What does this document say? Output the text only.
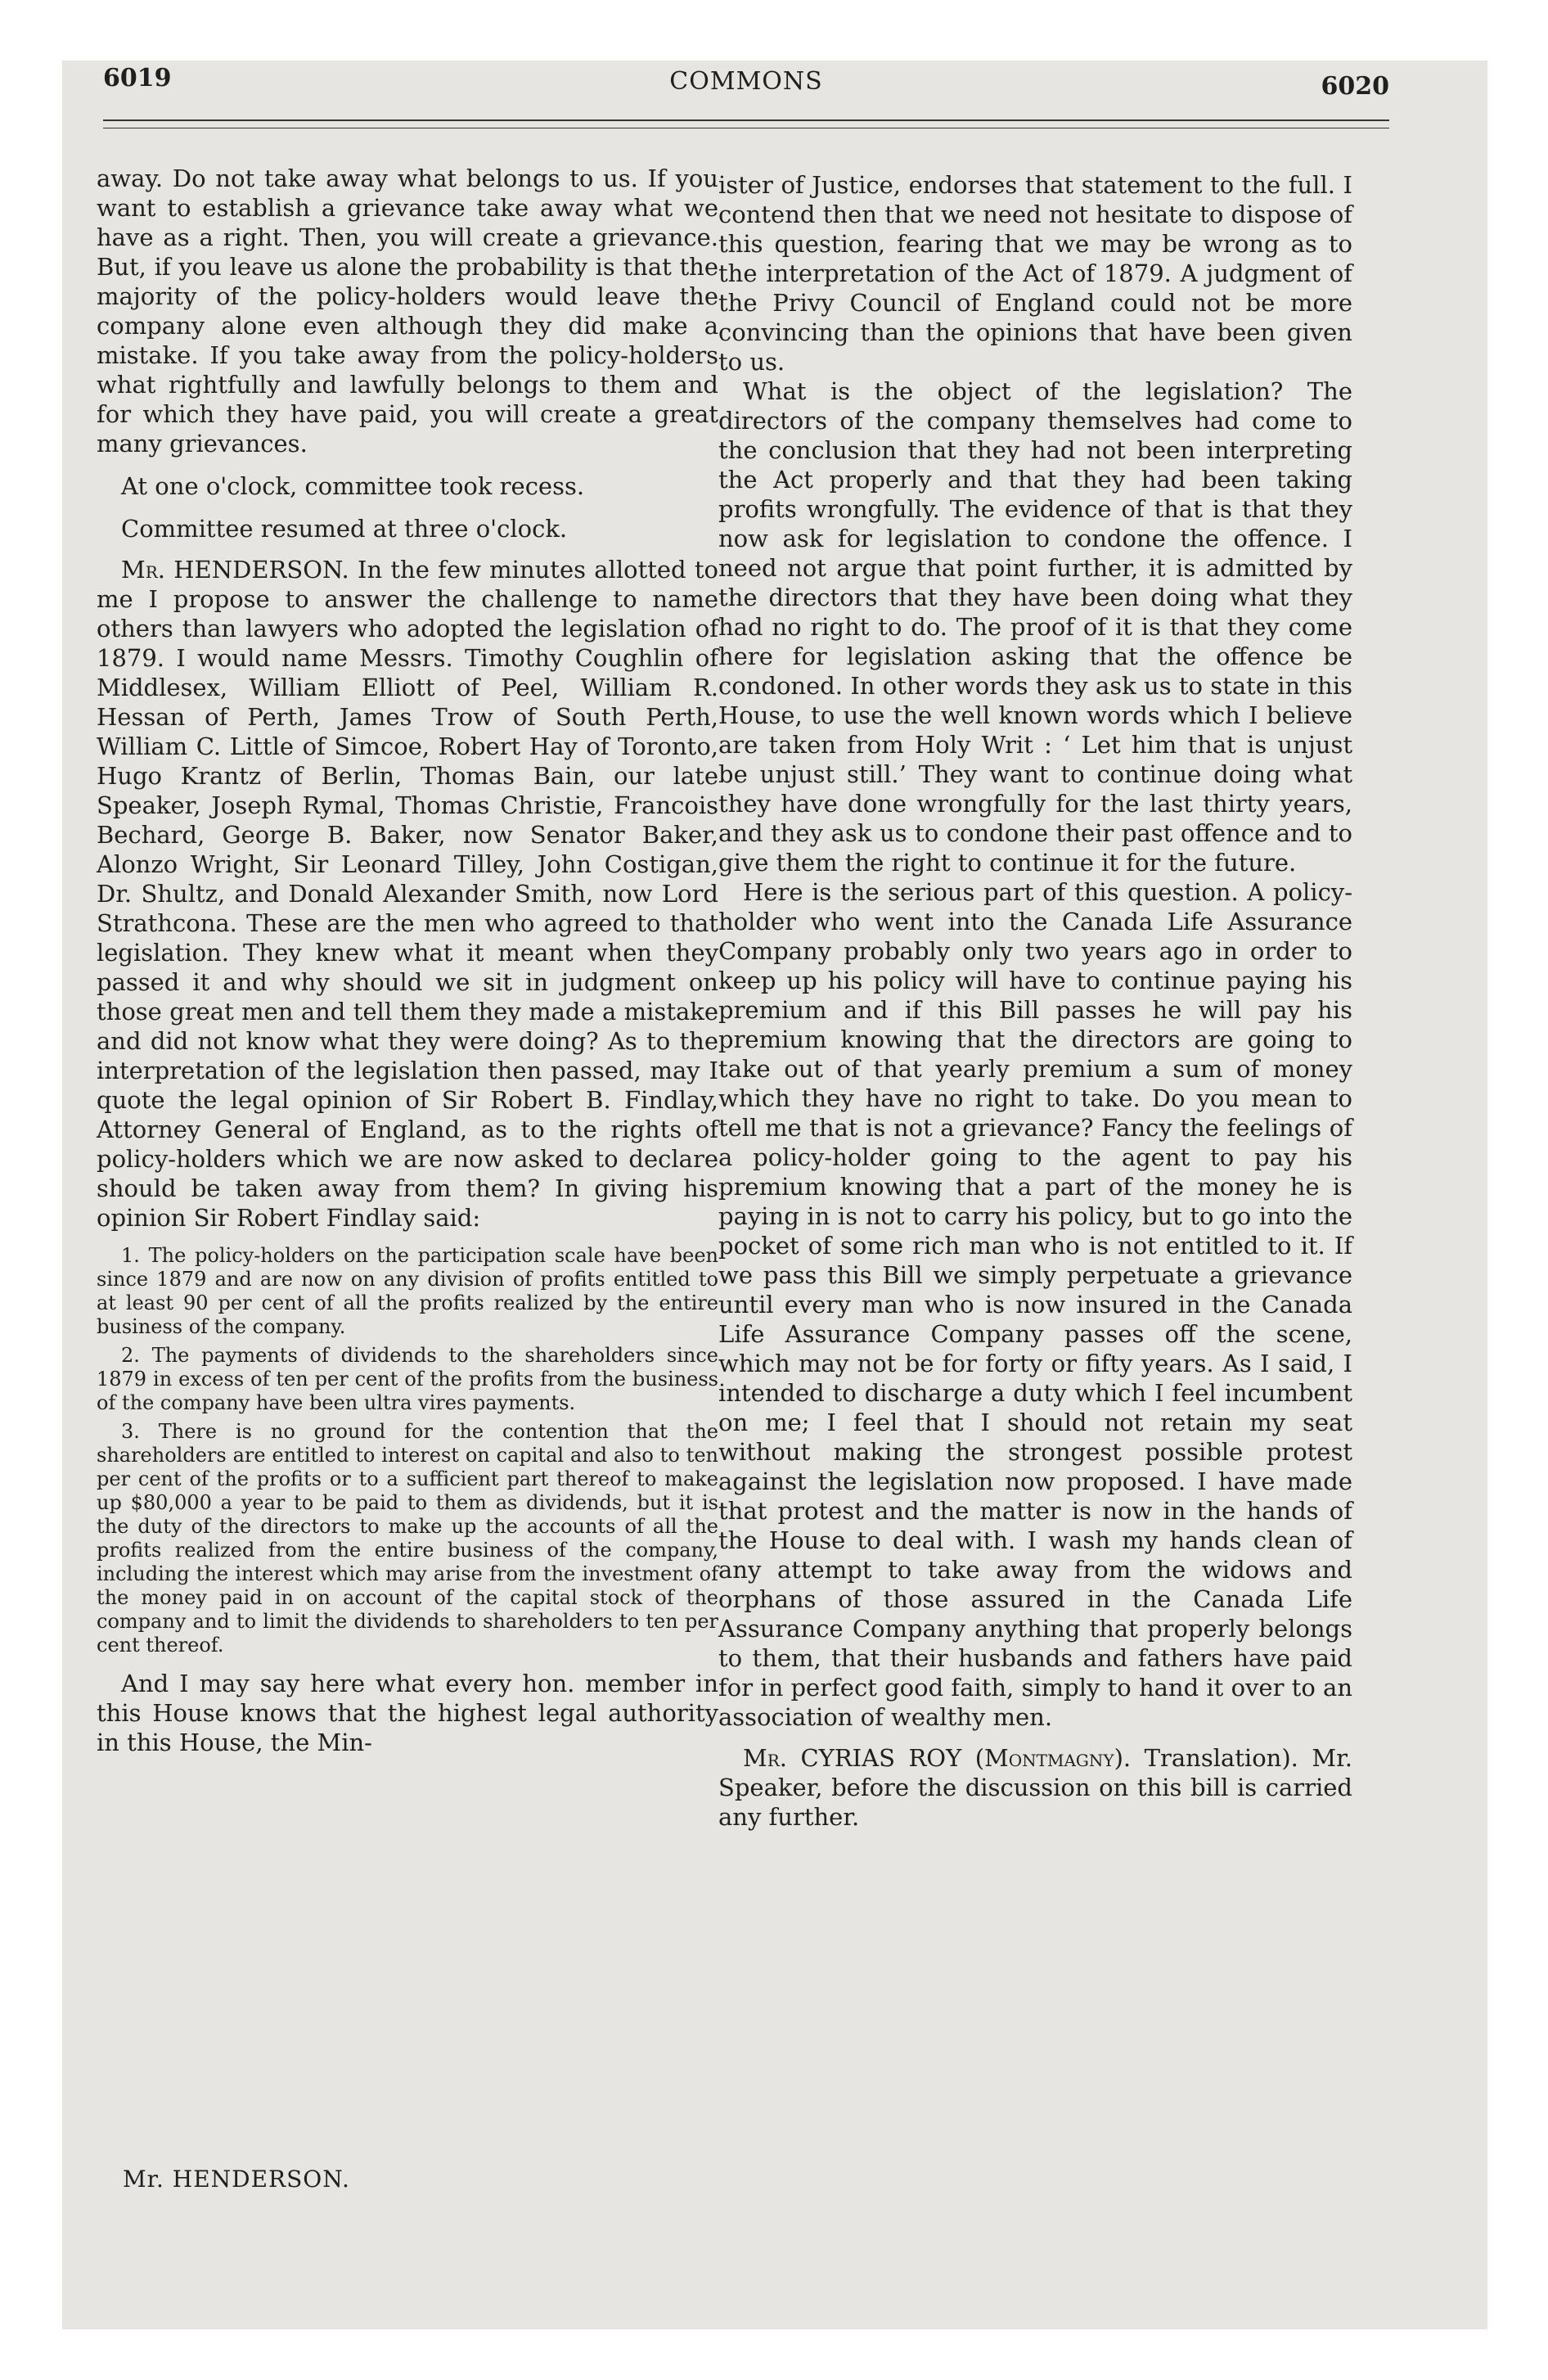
6019	COMMONS	6020

away. Do not take away what belongs to us. If you want to establish a grievance take away what we have as a right. Then, you will create a grievance. But, if you leave us alone the probability is that the majority of the policy-holders would leave the company alone even although they did make a mistake. If you take away from the policy-holders what rightfully and lawfully belongs to them and for which they have paid, you will create a great many grievances.

At one o'clock, committee took recess.

Committee resumed at three o'clock.

Mr. HENDERSON. In the few minutes allotted to me I propose to answer the challenge to name others than lawyers who adopted the legislation of 1879. I would name Messrs. Timothy Coughlin of Middlesex, William Elliott of Peel, William R. Hessan of Perth, James Trow of South Perth, William C. Little of Simcoe, Robert Hay of Toronto, Hugo Krantz of Berlin, Thomas Bain, our late Speaker, Joseph Rymal, Thomas Christie, Francois Bechard, George B. Baker, now Senator Baker, Alonzo Wright, Sir Leonard Tilley, John Costigan, Dr. Shultz, and Donald Alexander Smith, now Lord Strathcona. These are the men who agreed to that legislation. They knew what it meant when they passed it and why should we sit in judgment on those great men and tell them they made a mistake and did not know what they were doing? As to the interpretation of the legislation then passed, may I quote the legal opinion of Sir Robert B. Findlay, Attorney General of England, as to the rights of policy-holders which we are now asked to declare should be taken away from them? In giving his opinion Sir Robert Findlay said:

1. The policy-holders on the participation scale have been since 1879 and are now on any division of profits entitled to at least 90 per cent of all the profits realized by the entire business of the company.

2. The payments of dividends to the shareholders since 1879 in excess of ten per cent of the profits from the business of the company have been ultra vires payments.

3. There is no ground for the contention that the shareholders are entitled to interest on capital and also to ten per cent of the profits or to a sufficient part thereof to make up $80,000 a year to be paid to them as dividends, but it is the duty of the directors to make up the accounts of all the profits realized from the entire business of the company, including the interest which may arise from the investment of the money paid in on account of the capital stock of the company and to limit the dividends to shareholders to ten per cent thereof.

And I may say here what every hon. member in this House knows that the highest legal authority in this House, the Min-

Mr. HENDERSON.

ister of Justice, endorses that statement to the full. I contend then that we need not hesitate to dispose of this question, fearing that we may be wrong as to the interpretation of the Act of 1879. A judgment of the Privy Council of England could not be more convincing than the opinions that have been given to us.

What is the object of the legislation? The directors of the company themselves had come to the conclusion that they had not been interpreting the Act properly and that they had been taking profits wrongfully. The evidence of that is that they now ask for legislation to condone the offence. I need not argue that point further, it is admitted by the directors that they have been doing what they had no right to do. The proof of it is that they come here for legislation asking that the offence be condoned. In other words they ask us to state in this House, to use the well known words which I believe are taken from Holy Writ : ‘ Let him that is unjust be unjust still.’ They want to continue doing what they have done wrongfully for the last thirty years, and they ask us to condone their past offence and to give them the right to continue it for the future.

Here is the serious part of this question. A policy-holder who went into the Canada Life Assurance Company probably only two years ago in order to keep up his policy will have to continue paying his premium and if this Bill passes he will pay his premium knowing that the directors are going to take out of that yearly premium a sum of money which they have no right to take. Do you mean to tell me that is not a grievance? Fancy the feelings of a policy-holder going to the agent to pay his premium knowing that a part of the money he is paying in is not to carry his policy, but to go into the pocket of some rich man who is not entitled to it. If we pass this Bill we simply perpetuate a grievance until every man who is now insured in the Canada Life Assurance Company passes off the scene, which may not be for forty or fifty years. As I said, I intended to discharge a duty which I feel incumbent on me; I feel that I should not retain my seat without making the strongest possible protest against the legislation now proposed. I have made that protest and the matter is now in the hands of the House to deal with. I wash my hands clean of any attempt to take away from the widows and orphans of those assured in the Canada Life Assurance Company anything that properly belongs to them, that their husbands and fathers have paid for in perfect good faith, simply to hand it over to an association of wealthy men.

Mr. CYRIAS ROY (Montmagny). Translation). Mr. Speaker, before the discussion on this bill is carried any further.
